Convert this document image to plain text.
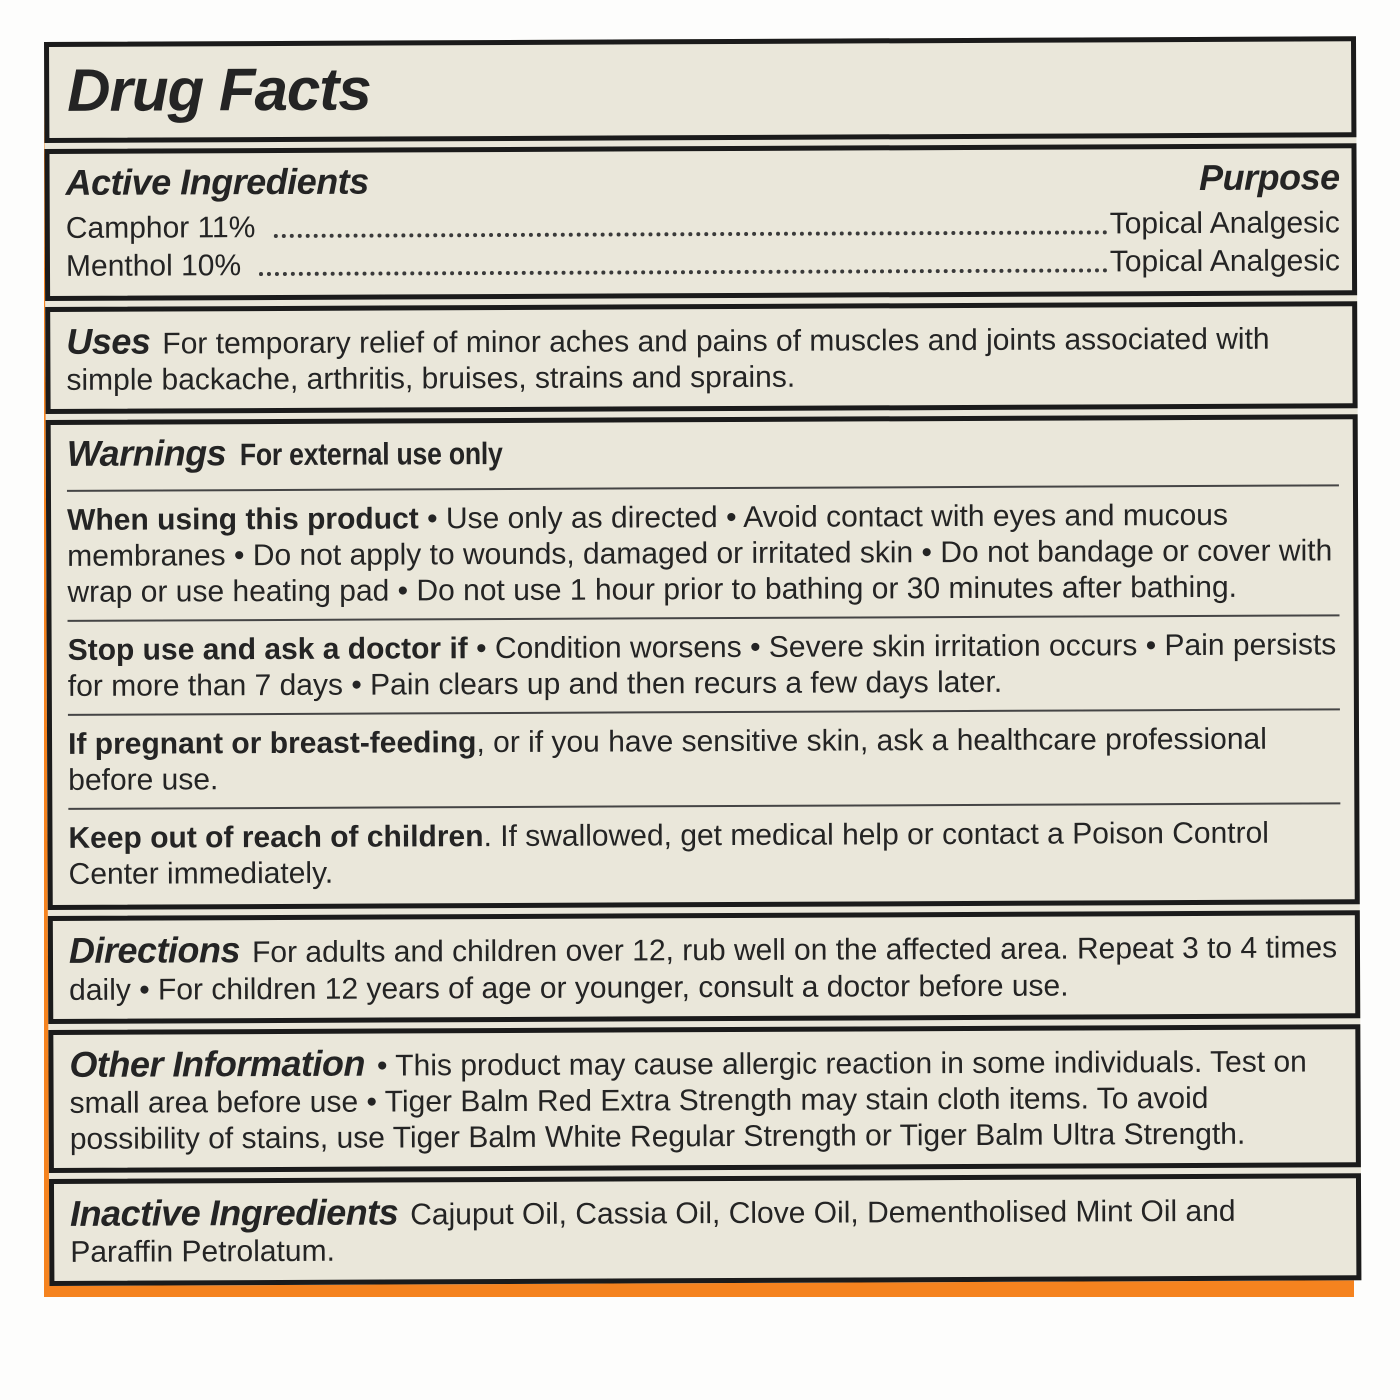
Drug Facts
Active Ingredients	Purpose
Camphor 11%	Topical Analgesic
Menthol 10%	Topical Analgesic
Uses For temporary relief of minor aches and pains of muscles and joints associated with simple backache, arthritis, bruises, strains and sprains.
Warnings For external use only

When using this product • Use only as directed • Avoid contact with eyes and mucous membranes • Do not apply to wounds, damaged or irritated skin • Do not bandage or cover with wrap or use heating pad • Do not use 1 hour prior to bathing or 30 minutes after bathing.

Stop use and ask a doctor if • Condition worsens • Severe skin irritation occurs • Pain persists for more than 7 days • Pain clears up and then recurs a few days later.

If pregnant or breast-feeding, or if you have sensitive skin, ask a healthcare professional before use.

Keep out of reach of children. If swallowed, get medical help or contact a Poison Control Center immediately.

Directions For adults and children over 12, rub well on the affected area. Repeat 3 to 4 times daily • For children 12 years of age or younger, consult a doctor before use.
Other Information • This product may cause allergic reaction in some individuals. Test on small area before use • Tiger Balm Red Extra Strength may stain cloth items. To avoid possibility of stains, use Tiger Balm White Regular Strength or Tiger Balm Ultra Strength.
Inactive Ingredients Cajuput Oil, Cassia Oil, Clove Oil, Dementholised Mint Oil and Paraffin Petrolatum.
